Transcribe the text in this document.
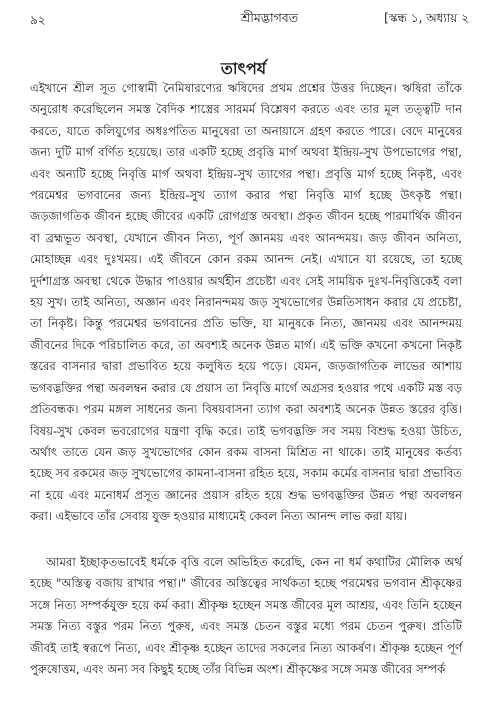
৯২	শ্রীমদ্ভাগবত	[স্কন্ধ ১, অধ্যায় ২
তাৎপর্য

এইখানে শ্রীল সূত গোস্বামী নৈমিষারণ্যের ঋষিদের প্রথম প্রশ্নের উত্তর দিচ্ছেন। ঋষিরা তাঁকে অনুরোধ করেছিলেন সমস্ত বৈদিক শাস্ত্রের সারমর্ম বিশ্লেষণ করতে এবং তার মূল তত্ত্বটি দান করতে, যাতে কলিযুগের অধঃপতিত মানুষেরা তা অনায়াসে গ্রহণ করতে পারে। বেদে মানুষের জন্য দুটি মার্গ বর্ণিত হয়েছে। তার একটি হচ্ছে প্রবৃত্তি মার্গ অথবা ইন্দ্রিয়-সুখ উপভোগের পন্থা, এবং অন্যটি হচ্ছে নিবৃত্তি মার্গ অথবা ইন্দ্রিয়-সুখ ত্যাগের পন্থা। প্রবৃত্তি মার্গ হচ্ছে নিকৃষ্ট, এবং পরমেশ্বর ভগবানের জন্য ইন্দ্রিয়-সুখ ত্যাগ করার পন্থা নিবৃত্তি মার্গ হচ্ছে উৎকৃষ্ট পন্থা। জড়জাগতিক জীবন হচ্ছে জীবের একটি রোগগ্রস্ত অবস্থা। প্রকৃত জীবন হচ্ছে পারমার্থিক জীবন বা ব্রহ্মভূত অবস্থা, যেখানে জীবন নিত্য, পূর্ণ জ্ঞানময় এবং আনন্দময়। জড় জীবন অনিত্য, মোহাচ্ছন্ন এবং দুঃখময়। এই জীবনে কোন রকম আনন্দ নেই। এখানে যা রয়েছে, তা হচ্ছে দুর্দশাগ্রস্ত অবস্থা থেকে উদ্ধার পাওয়ার অর্থহীন প্রচেষ্টা এবং সেই সাময়িক দুঃখ-নিবৃত্তিকেই বলা হয় সুখ। তাই অনিত্য, অজ্ঞান এবং নিরানন্দময় জড় সুখভোগের উন্নতিসাধন করার যে প্রচেষ্টা, তা নিকৃষ্ট। কিন্তু পরমেশ্বর ভগবানের প্রতি ভক্তি, যা মানুষকে নিত্য, জ্ঞানময় এবং আনন্দময় জীবনের দিকে পরিচালিত করে, তা অবশ্যই অনেক উন্নত মার্গ। এই ভক্তি কখনো কখনো নিকৃষ্ট স্তরের বাসনার দ্বারা প্রভাবিত হয়ে কলুষিত হয়ে পড়ে। যেমন, জড়জাগতিক লাভের আশায় ভগবদ্ভক্তির পন্থা অবলম্বন করার যে প্রয়াস তা নিবৃত্তি মার্গে অগ্রসর হওয়ার পথে একটি মস্ত বড় প্রতিবন্ধক। পরম মঙ্গল সাধনের জন্য বিষয়বাসনা ত্যাগ করা অবশ্যই অনেক উন্নত স্তরের বৃত্তি। বিষয়-সুখ কেবল ভবরোগের যন্ত্রণা বৃদ্ধি করে। তাই ভগবদ্ভক্তি সব সময় বিশুদ্ধ হওয়া উচিত, অর্থাৎ তাতে যেন জড় সুখভোগের কোন রকম বাসনা মিশ্রিত না থাকে। তাই মানুষের কর্তব্য হচ্ছে সব রকমের জড় সুখভোগের কামনা-বাসনা রহিত হয়ে, সকাম কর্মের বাসনার দ্বারা প্রভাবিত না হয়ে এবং মনোধর্ম প্রসূত জ্ঞানের প্রয়াস রহিত হয়ে শুদ্ধ ভগবদ্ভক্তির উন্নত পন্থা অবলম্বন করা। এইভাবে তাঁর সেবায় যুক্ত হওয়ার মাধ্যমেই কেবল নিত্য আনন্দ লাভ করা যায়।

আমরা ইচ্ছাকৃতভাবেই ধর্মকে বৃত্তি বলে অভিহিত করেছি, কেন না ধর্ম কথাটির মৌলিক অর্থ হচ্ছে "অস্তিত্ব বজায় রাখার পন্থা।" জীবের অস্তিত্বের সার্থকতা হচ্ছে পরমেশ্বর ভগবান শ্রীকৃষ্ণের সঙ্গে নিত্য সম্পর্কযুক্ত হয়ে কর্ম করা। শ্রীকৃষ্ণ হচ্ছেন সমস্ত জীবের মূল আশ্রয়, এবং তিনি হচ্ছেন সমস্ত নিত্য বস্তুর পরম নিত্য পুরুষ, এবং সমস্ত চেতন বস্তুর মধ্যে পরম চেতন পুরুষ। প্রতিটি জীবই তাই স্বরূপে নিত্য, এবং শ্রীকৃষ্ণ হচ্ছেন তাদের সকলের নিত্য আকর্ষণ। শ্রীকৃষ্ণ হচ্ছেন পূর্ণ পুরুষোত্তম, এবং অন্য সব কিছুই হচ্ছে তাঁর বিভিন্ন অংশ। শ্রীকৃষ্ণের সঙ্গে সমস্ত জীবের সম্পর্ক
